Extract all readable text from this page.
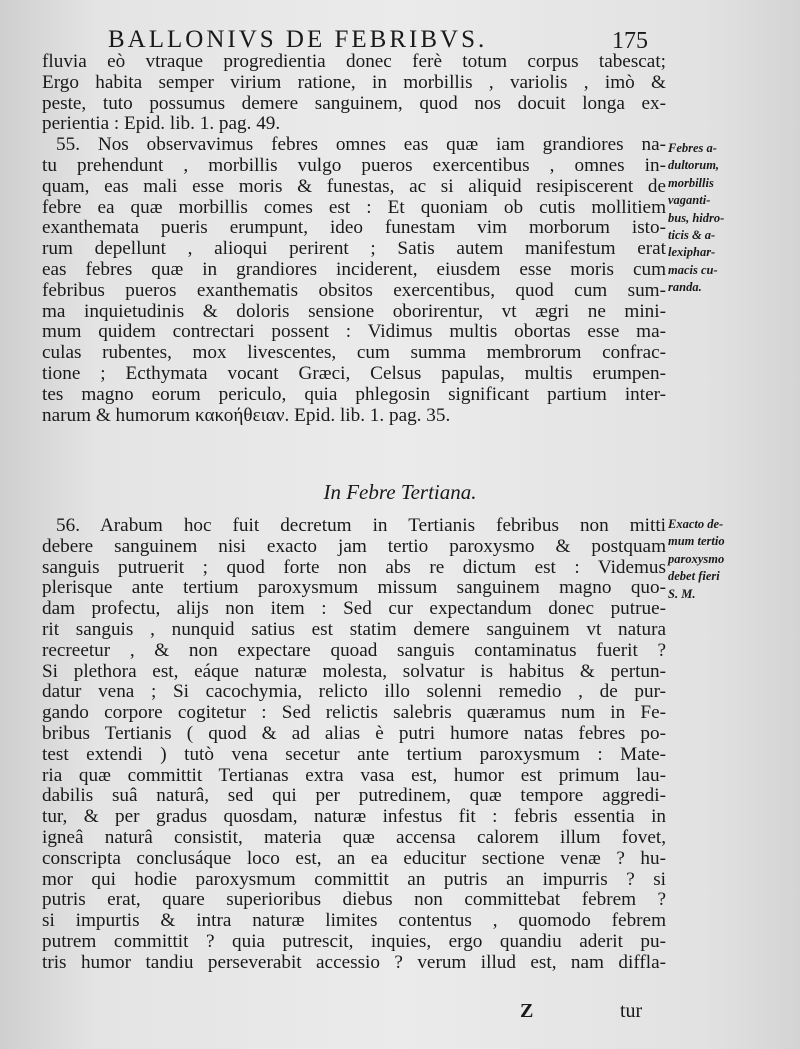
BALLONIVS DE FEBRIBVS.	175
fluvia eò vtraque progredientia donec ferè totum corpus tabescat;
Ergo habita semper virium ratione, in morbillis , variolis , imò &
peste, tuto possumus demere sanguinem, quod nos docuit longa ex-
perientia : Epid. lib. 1. pag. 49.
55. Nos observavimus febres omnes eas quæ iam grandiores na-
tu prehendunt , morbillis vulgo pueros exercentibus , omnes in-
quam, eas mali esse moris & funestas, ac si aliquid resipiscerent de
febre ea quæ morbillis comes est : Et quoniam ob cutis mollitiem
exanthemata pueris erumpunt, ideo funestam vim morborum isto-
rum depellunt , alioqui perirent ; Satis autem manifestum erat
eas febres quæ in grandiores inciderent, eiusdem esse moris cum
febribus pueros exanthematis obsitos exercentibus, quod cum sum-
ma inquietudinis & doloris sensione oborirentur, vt ægri ne mini-
mum quidem contrectari possent : Vidimus multis obortas esse ma-
culas rubentes, mox livescentes, cum summa membrorum confrac-
tione ; Ecthymata vocant Græci, Celsus papulas, multis erumpen-
tes magno eorum periculo, quia phlegosin significant partium inter-
narum & humorum κακοήθειαν. Epid. lib. 1. pag. 35.
In Febre Tertiana.
56. Arabum hoc fuit decretum in Tertianis febribus non mitti
debere sanguinem nisi exacto jam tertio paroxysmo & postquam
sanguis putruerit ; quod forte non abs re dictum est : Videmus
plerisque ante tertium paroxysmum missum sanguinem magno quo-
dam profectu, alijs non item : Sed cur expectandum donec putrue-
rit sanguis , nunquid satius est statim demere sanguinem vt natura
recreetur , & non expectare quoad sanguis contaminatus fuerit ?
Si plethora est, eáque naturæ molesta, solvatur is habitus & pertun-
datur vena ; Si cacochymia, relicto illo solenni remedio , de pur-
gando corpore cogitetur : Sed relictis salebris quæramus num in Fe-
bribus Tertianis ( quod & ad alias è putri humore natas febres po-
test extendi ) tutò vena secetur ante tertium paroxysmum : Mate-
ria quæ committit Tertianas extra vasa est, humor est primum lau-
dabilis suâ naturâ, sed qui per putredinem, quæ tempore aggredi-
tur, & per gradus quosdam, naturæ infestus fit : febris essentia in
igneâ naturâ consistit, materia quæ accensa calorem illum fovet,
conscripta conclusáque loco est, an ea educitur sectione venæ ? hu-
mor qui hodie paroxysmum committit an putris an impurris ? si
putris erat, quare superioribus diebus non committebat febrem ?
si impurtis & intra naturæ limites contentus , quomodo febrem
putrem committit ? quia putrescit, inquies, ergo quandiu aderit pu-
tris humor tandiu perseverabit accessio ? verum illud est, nam diffla-
Febres a-
dultorum,
morbillis
vaganti-
bus, hidro-
ticis & a-
lexiphar-
macis cu-
randa.
Exacto de-
mum tertio
paroxysmo
debet fieri
S. M.
Z	tur
